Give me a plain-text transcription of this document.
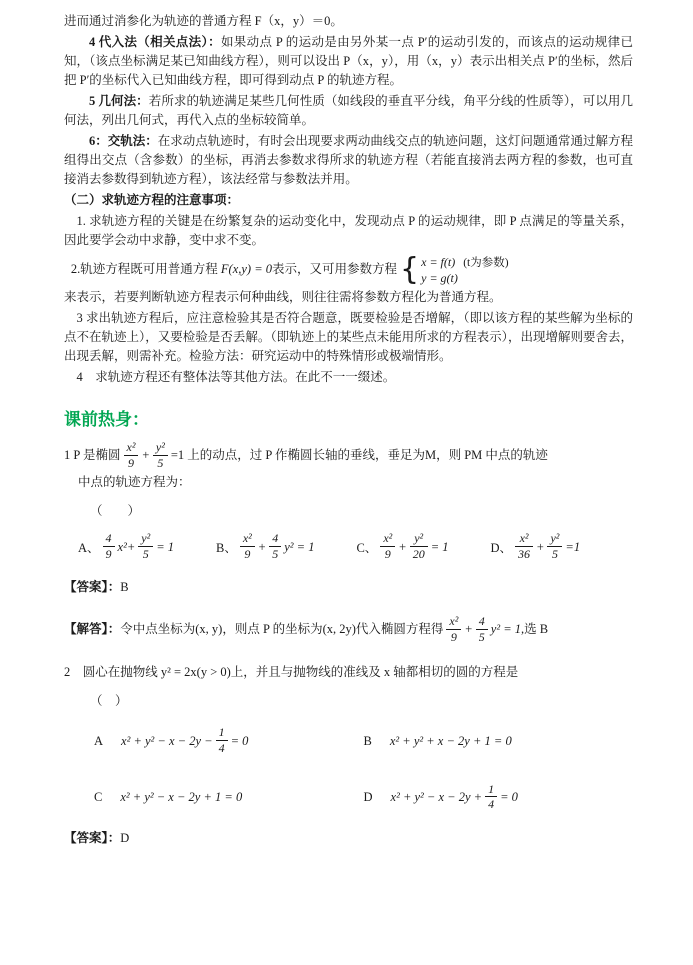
进而通过消参化为轨迹的普通方程 F（x，y）＝0。

4 代入法（相关点法）：如果动点 P 的运动是由另外某一点 P′的运动引发的，而该点的运动规律已知，（该点坐标满足某已知曲线方程），则可以设出 P（x，y），用（x，y）表示出相关点 P′的坐标，然后把 P′的坐标代入已知曲线方程，即可得到动点 P 的轨迹方程。

5 几何法：若所求的轨迹满足某些几何性质（如线段的垂直平分线，角平分线的性质等），可以用几何法，列出几何式，再代入点的坐标较简单。

6：交轨法：在求动点轨迹时，有时会出现要求两动曲线交点的轨迹问题，这灯问题通常通过解方程组得出交点（含参数）的坐标，再消去参数求得所求的轨迹方程（若能直接消去两方程的参数，也可直接消去参数得到轨迹方程），该法经常与参数法并用。

（二）求轨迹方程的注意事项：

1. 求轨迹方程的关键是在纷繁复杂的运动变化中，发现动点 P 的运动规律，即 P 点满足的等量关系，因此要学会动中求静，变中求不变。

2.轨迹方程既可用普通方程 F(x,y) = 0表示，又可用参数方程 { x = f(t) (t为参数)
y = g(t)

来表示，若要判断轨迹方程表示何种曲线，则往往需将参数方程化为普通方程。

3 求出轨迹方程后，应注意检验其是否符合题意，既要检验是否增解，（即以该方程的某些解为坐标的点不在轨迹上），又要检验是否丢解。（即轨迹上的某些点未能用所求的方程表示），出现增解则要舍去，出现丢解，则需补充。检验方法：研究运动中的特殊情形或极端情形。

4　求轨迹方程还有整体法等其他方法。在此不一一缀述。

课前热身：
1 P 是椭圆 $\frac{\text{x²}}{9} + \frac{\text{y²}}{5} =1$ 上的动点，过 P 作椭圆长轴的垂线，垂足为M，则 PM 中点的轨迹
中点的轨迹方程为：
（　　）
A、 $\frac{4}{9} x^2+ \frac{\text{y²}}{5} = 1$	B、 $\frac{\text{x²}}{9} + \frac{4}{5} y^2 = 1$	C、 $\frac{\text{x²}}{9} + \frac{\text{y²}}{20} = 1$	D、 $\frac{\text{x²}}{36} + \frac{\text{y²}}{5} =1$

【答案】：B

【解答】：令中点坐标为(x, y)，则点 P 的坐标为(x, 2y)代入椭圆方程得 $\frac{\text{x²}}{9} + \frac{4}{5} y^2 = 1$,选 B
2　圆心在抛物线 y² = 2x(y > 0)上，并且与抛物线的准线及 x 轴都相切的圆的方程是
（　）
A $x^2 + y^2 - x - 2y - \frac{1}{4} = 0$	B x² + y² + x − 2y + 1 = 0
C x² + y² − x − 2y + 1 = 0	D $x^2 + y^2 - x - 2y + \frac{1}{4} = 0$

【答案】：D
